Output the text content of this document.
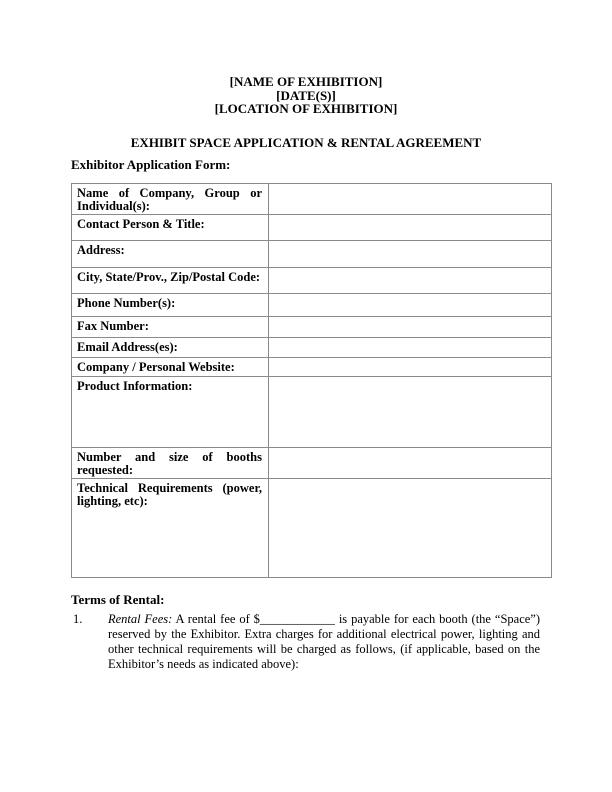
[NAME OF EXHIBITION]
[DATE(S)]
[LOCATION OF EXHIBITION]
EXHIBIT SPACE APPLICATION & RENTAL AGREEMENT
Exhibitor Application Form:
Name of Company, Group or Individual(s):	
Contact Person & Title:	
Address:	
City, State/Prov., Zip/Postal Code:	
Phone Number(s):	
Fax Number:	
Email Address(es):	
Company / Personal Website:	
Product Information:	
Number and size of booths requested:	
Technical Requirements (power, lighting, etc):	
Terms of Rental:
1. Rental Fees: A rental fee of $____________ is payable for each booth (the “Space”) reserved by the Exhibitor. Extra charges for additional electrical power, lighting and other technical requirements will be charged as follows, (if applicable, based on the Exhibitor’s needs as indicated above):
